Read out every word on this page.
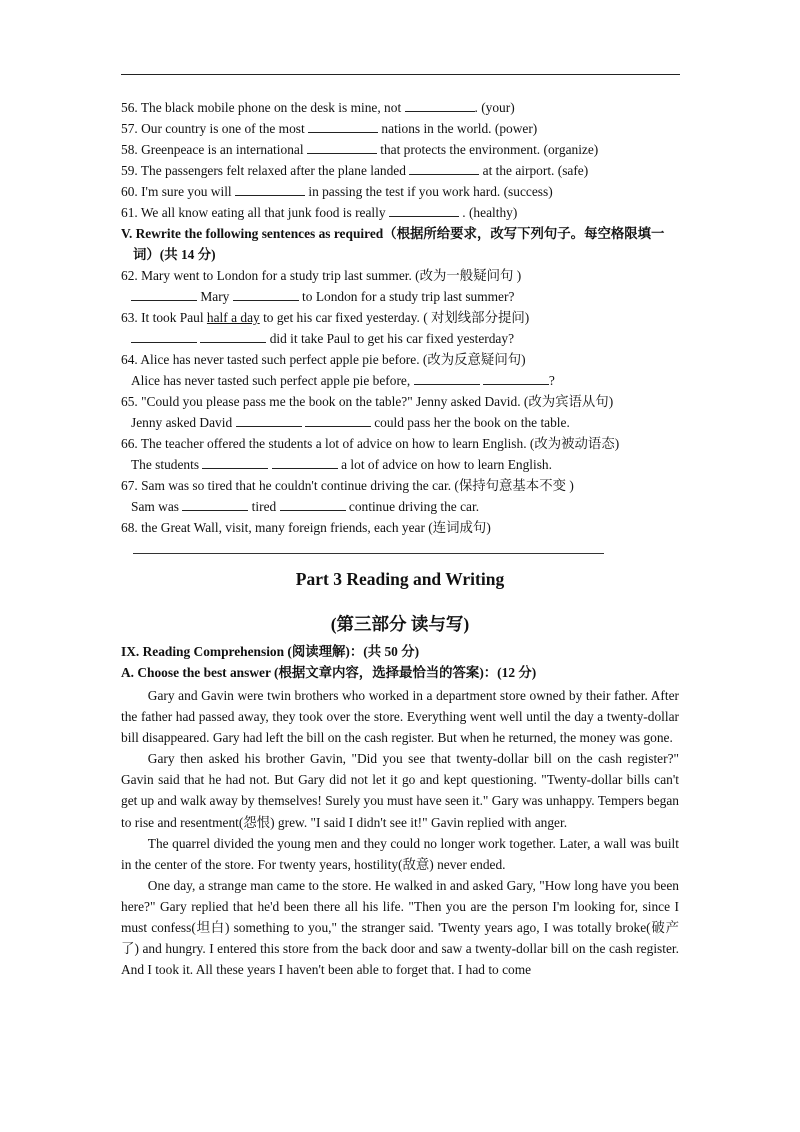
56. The black mobile phone on the desk is mine, not	. (your)
57. Our country is one of the most	nations in the world. (power)
58. Greenpeace is an international	that protects the environment. (organize)
59. The passengers felt relaxed after the plane landed	at the airport. (safe)
60. I'm sure you will	in passing the test if you work hard. (success)
61. We all know eating all that junk food is really	. (healthy)
V. Rewrite the following sentences as required（根据所给要求，改写下列句子。每空格限填一
词）(共 14 分)
62. Mary went to London for a study trip last summer. (改为一般疑问句 )
Mary	to London for a study trip last summer?
63. It took Paul half a day to get his car fixed yesterday. ( 对划线部分提问)
did it take Paul to get his car fixed yesterday?
64. Alice has never tasted such perfect apple pie before. (改为反意疑问句)
Alice has never tasted such perfect apple pie before,	?
65. "Could you please pass me the book on the table?" Jenny asked David. (改为宾语从句)
Jenny asked David	could pass her the book on the table.
66. The teacher offered the students a lot of advice on how to learn English. (改为被动语态)
The students	a lot of advice on how to learn English.
67. Sam was so tired that he couldn't continue driving the car. (保持句意基本不变 )
Sam was	tired	continue driving the car.
68. the Great Wall, visit, many foreign friends, each year (连词成句)
Part 3 Reading and Writing
(第三部分 读与写)
IX. Reading Comprehension (阅读理解)：(共 50 分)
A. Choose the best answer (根据文章内容，选择最恰当的答案)：(12 分)

Gary and Gavin were twin brothers who worked in a department store owned by their father. After the father had passed away, they took over the store. Everything went well until the day a twenty-dollar bill disappeared. Gary had left the bill on the cash register. But when he returned, the money was gone.

Gary then asked his brother Gavin, "Did you see that twenty-dollar bill on the cash register?" Gavin said that he had not. But Gary did not let it go and kept questioning. "Twenty-dollar bills can't get up and walk away by themselves! Surely you must have seen it." Gary was unhappy. Tempers began to rise and resentment(怨恨) grew. "I said I didn't see it!" Gavin replied with anger.

The quarrel divided the young men and they could no longer work together. Later, a wall was built in the center of the store. For twenty years, hostility(敌意) never ended.

One day, a strange man came to the store. He walked in and asked Gary, "How long have you been here?" Gary replied that he'd been there all his life. "Then you are the person I'm looking for, since I must confess(坦白) something to you," the stranger said. 'Twenty years ago, I was totally broke(破产了) and hungry. I entered this store from the back door and saw a twenty-dollar bill on the cash register. And I took it. All these years I haven't been able to forget that. I had to come
